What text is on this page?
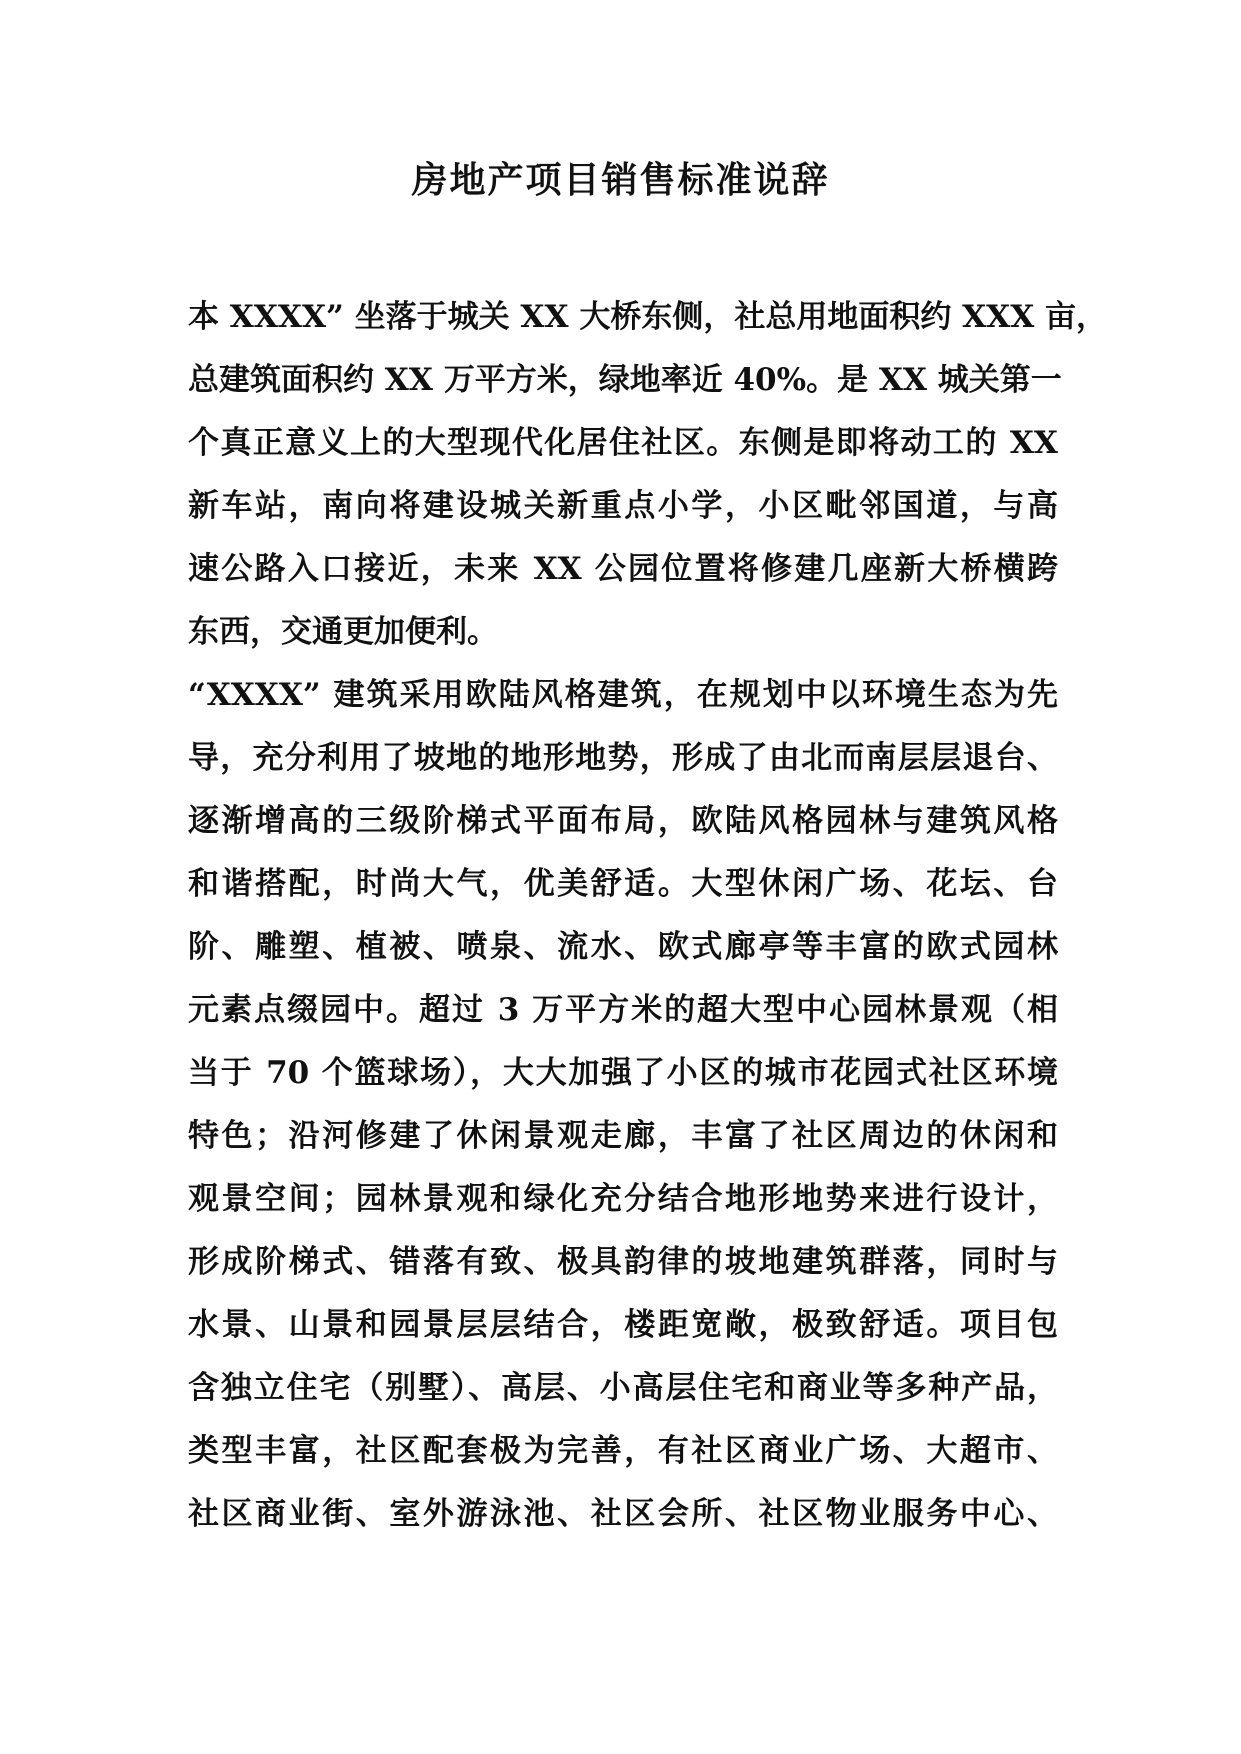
房地产项目销售标准说辞

本 XXXX” 坐落于城关 XX 大桥东侧，社总用地面积约 XXX 亩，

总建筑面积约 XX 万平方米，绿地率近 40%。是 XX 城关第一

个真正意义上的大型现代化居住社区。东侧是即将动工的 XX

新车站，南向将建设城关新重点小学，小区毗邻国道，与高

速公路入口接近，未来 XX 公园位置将修建几座新大桥横跨

东西，交通更加便利。

“XXXX” 建筑采用欧陆风格建筑，在规划中以环境生态为先

导，充分利用了坡地的地形地势，形成了由北而南层层退台、

逐渐增高的三级阶梯式平面布局，欧陆风格园林与建筑风格

和谐搭配，时尚大气，优美舒适。大型休闲广场、花坛、台

阶、雕塑、植被、喷泉、流水、欧式廊亭等丰富的欧式园林

元素点缀园中。超过 3 万平方米的超大型中心园林景观（相

当于 70 个篮球场），大大加强了小区的城市花园式社区环境

特色；沿河修建了休闲景观走廊，丰富了社区周边的休闲和

观景空间；园林景观和绿化充分结合地形地势来进行设计，

形成阶梯式、错落有致、极具韵律的坡地建筑群落，同时与

水景、山景和园景层层结合，楼距宽敞，极致舒适。项目包

含独立住宅（别墅）、高层、小高层住宅和商业等多种产品，

类型丰富，社区配套极为完善，有社区商业广场、大超市、

社区商业街、室外游泳池、社区会所、社区物业服务中心、
